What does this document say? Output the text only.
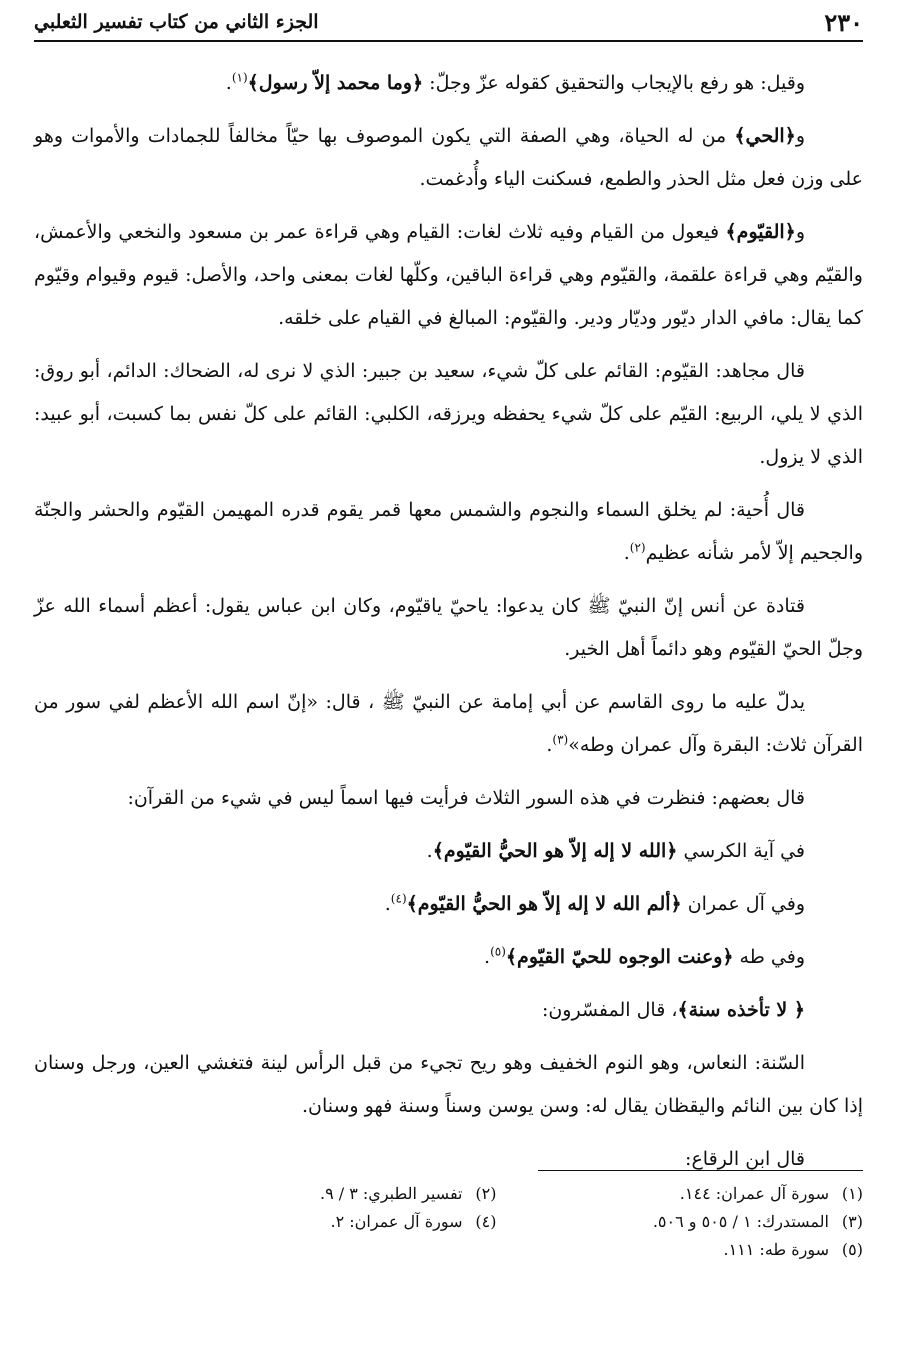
٢٣٠
الجزء الثاني من كتاب تفسير الثعلبي

وقيل: هو رفع بالإيجاب والتحقيق كقوله عزّ وجلّ: ﴿وما محمد إلاّ رسول﴾$^{(١)}$.

و﴿الحي﴾ من له الحياة، وهي الصفة التي يكون الموصوف بها حيّاً مخالفاً للجمادات والأموات وهو على وزن فعل مثل الحذر والطمع، فسكنت الياء وأُدغمت.

و﴿القيّوم﴾ فيعول من القيام وفيه ثلاث لغات: القيام وهي قراءة عمر بن مسعود والنخعي والأعمش، والقيّم وهي قراءة علقمة، والقيّوم وهي قراءة الباقين، وكلّها لغات بمعنى واحد، والأصل: قيوم وقيوام وقيّوم كما يقال: مافي الدار ديّور وديّار ودير. والقيّوم: المبالغ في القيام على خلقه.

قال مجاهد: القيّوم: القائم على كلّ شيء، سعيد بن جبير: الذي لا نرى له، الضحاك: الدائم، أبو روق: الذي لا يلي، الربيع: القيّم على كلّ شيء يحفظه ويرزقه، الكلبي: القائم على كلّ نفس بما كسبت، أبو عبيد: الذي لا يزول.

قال أُحية: لم يخلق السماء والنجوم والشمس معها قمر يقوم قدره المهيمن القيّوم والحشر والجنّة والجحيم إلاّ لأمر شأنه عظيم$^{(٢)}$.

قتادة عن أنس إنّ النبيّ ﷺ كان يدعوا: ياحيّ ياقيّوم، وكان ابن عباس يقول: أعظم أسماء الله عزّ وجلّ الحيّ القيّوم وهو دائماً أهل الخير.

يدلّ عليه ما روى القاسم عن أبي إمامة عن النبيّ ﷺ ، قال: «إنّ اسم الله الأعظم لفي سور من القرآن ثلاث: البقرة وآل عمران وطه»$^{(٣)}$.

قال بعضهم: فنظرت في هذه السور الثلاث فرأيت فيها اسماً ليس في شيء من القرآن:

في آية الكرسي ﴿الله لا إله إلاّ هو الحيُّ القيّوم﴾.

وفي آل عمران ﴿ألم الله لا إله إلاّ هو الحيُّ القيّوم﴾$^{(٤)}$.

وفي طه ﴿وعنت الوجوه للحيّ القيّوم﴾$^{(٥)}$.

﴿ لا تأخذه سنة﴾، قال المفسّرون:

السّنة: النعاس، وهو النوم الخفيف وهو ريح تجيء من قبل الرأس لينة فتغشي العين، ورجل وسنان إذا كان بين النائم واليقظان يقال له: وسن يوسن وسناً وسنة فهو وسنان.

قال ابن الرقاع:

(١)سورة آل عمران: ١٤٤.
(٢)تفسير الطبري: ٣ / ٩.
(٣)المستدرك: ١ / ٥٠٥ و ٥٠٦.
(٤)سورة آل عمران: ٢.
(٥)سورة طه: ١١١.
